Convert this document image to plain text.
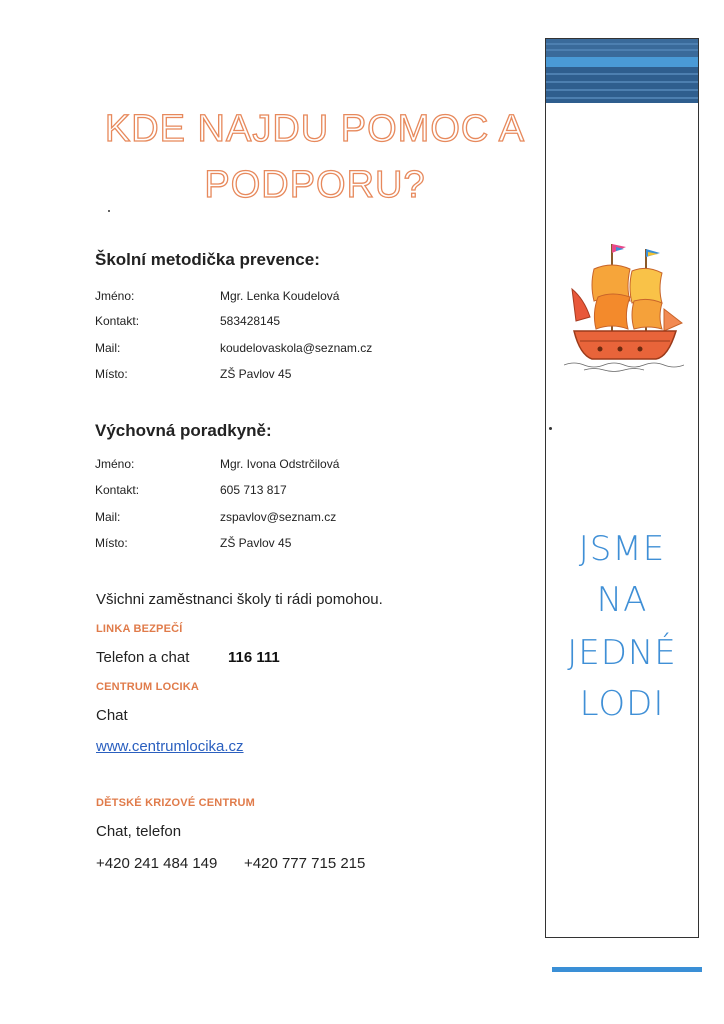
KDE NAJDU POMOC A
PODPORU?
Školní metodička prevence:
Jméno:	Mgr. Lenka Koudelová
Kontakt:	583428145
Mail:	koudelovaskola@seznam.cz
Místo:	ZŠ Pavlov 45
Výchovná poradkyně:
Jméno:	Mgr. Ivona Odstrčilová
Kontakt:	605 713 817
Mail:	zspavlov@seznam.cz
Místo:	ZŠ Pavlov 45
Všichni zaměstnanci školy ti rádi pomohou.
LINKA BEZPEČÍ
Telefon a chat	116 111
CENTRUM LOCIKA
Chat
www.centrumlocika.cz
DĚTSKÉ KRIZOVÉ CENTRUM
Chat, telefon
+420 241 484 149 +420 777 715 215
JSME
NA
JEDNÉ
LODI
